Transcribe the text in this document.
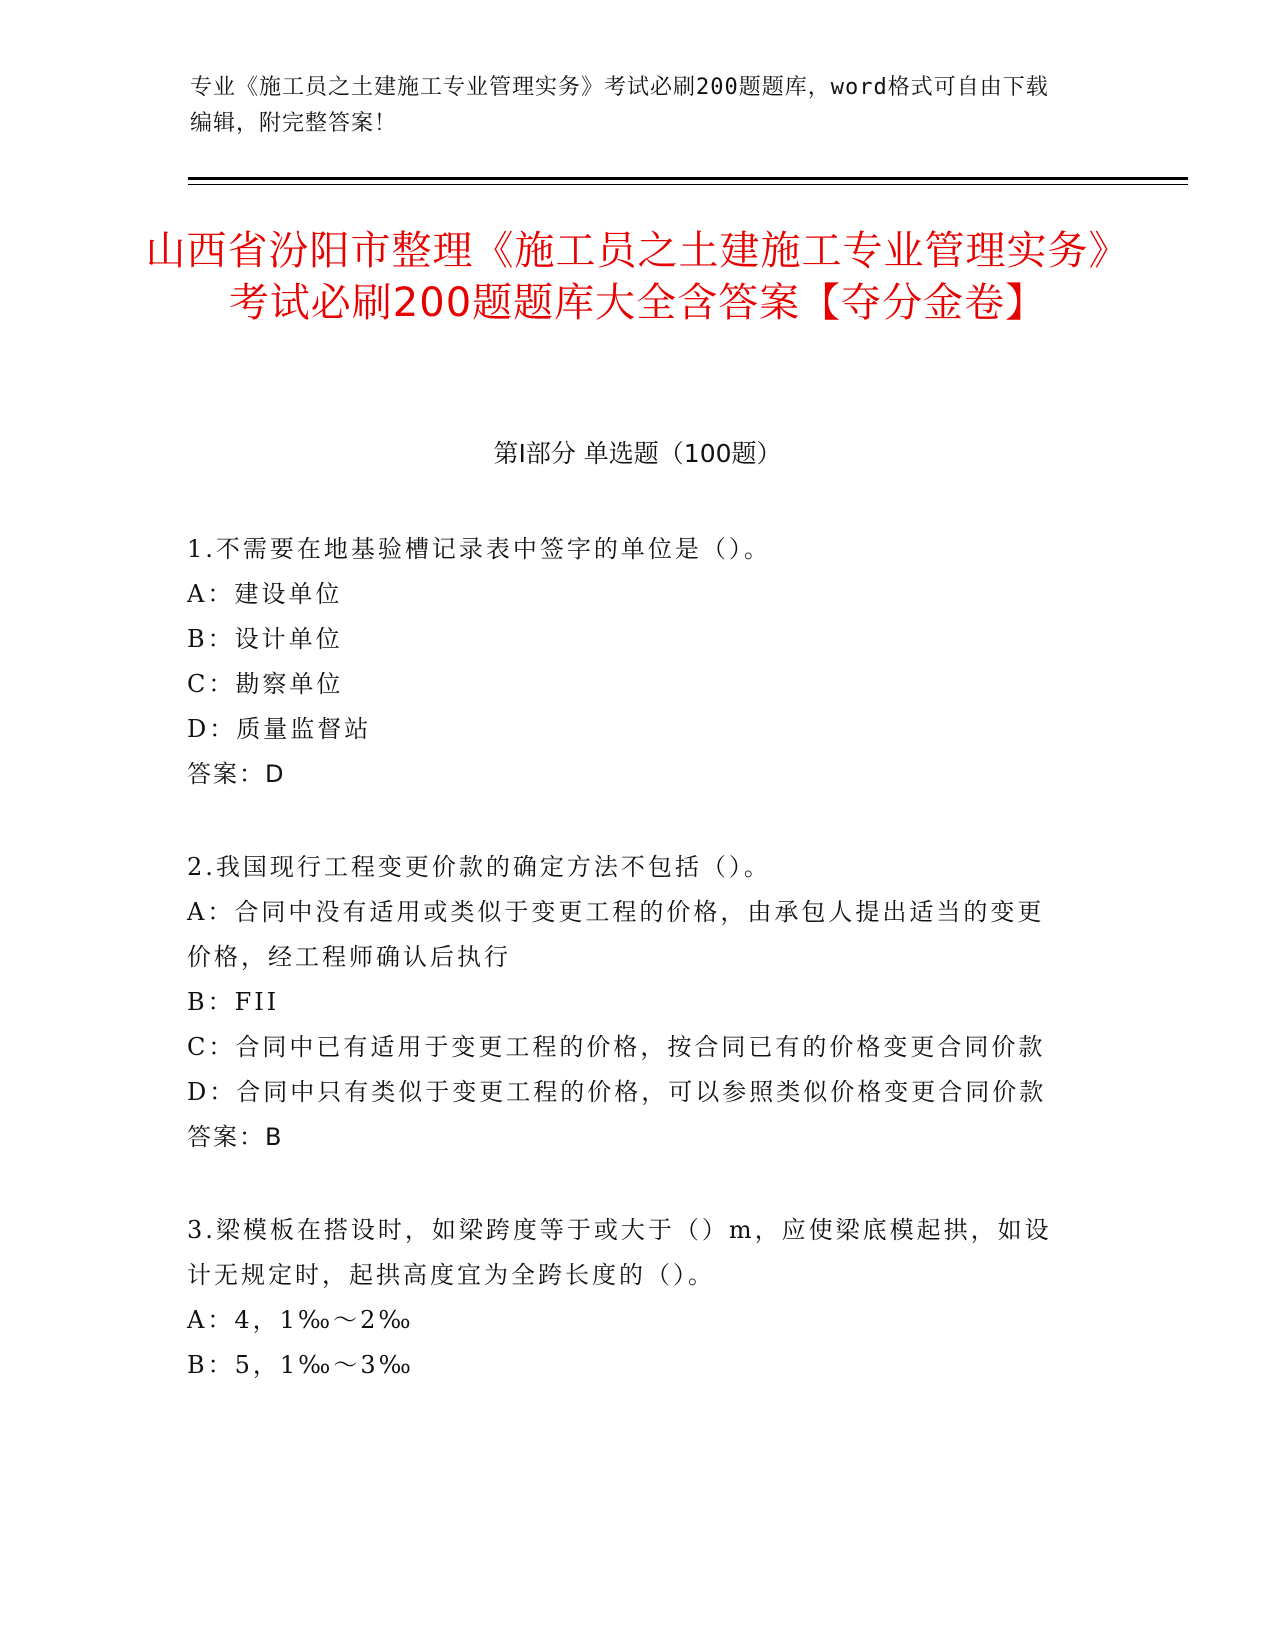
专业《施工员之土建施工专业管理实务》考试必刷200题题库，word格式可自由下载编辑，附完整答案！
山西省汾阳市整理《施工员之土建施工专业管理实务》考试必刷200题题库大全含答案【夺分金卷】
第I部分 单选题（100题）
1.不需要在地基验槽记录表中签字的单位是（）。
A：建设单位
B：设计单位
C：勘察单位
D：质量监督站
答案：D
2.我国现行工程变更价款的确定方法不包括（）。
A：合同中没有适用或类似于变更工程的价格，由承包人提出适当的变更价格，经工程师确认后执行
B：FII
C：合同中已有适用于变更工程的价格，按合同已有的价格变更合同价款
D：合同中只有类似于变更工程的价格，可以参照类似价格变更合同价款
答案：B
3.梁模板在搭设时，如梁跨度等于或大于（）m，应使梁底模起拱，如设计无规定时，起拱高度宜为全跨长度的（）。
A：4，1‰～2‰
B：5，1‰～3‰
